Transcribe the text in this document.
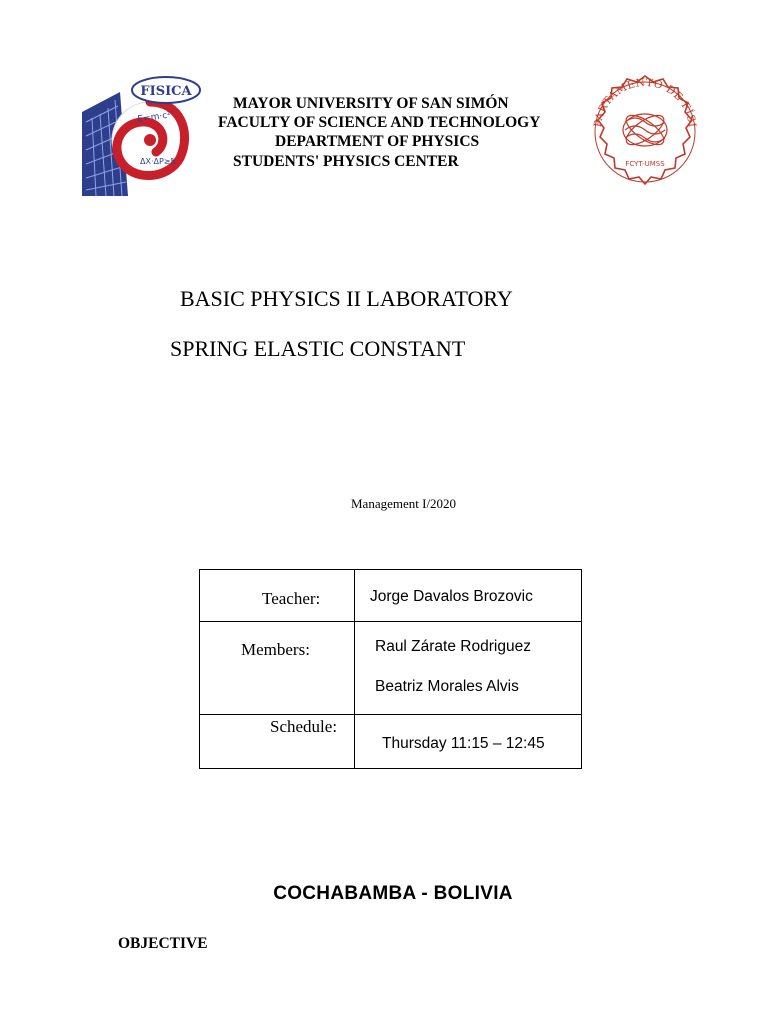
FISICA
E=m·c²
ΔX·ΔP≥ħ
MAYOR UNIVERSITY OF SAN SIMÓN
FACULTY OF SCIENCE AND TECHNOLOGY
DEPARTMENT OF PHYSICS
STUDENTS' PHYSICS CENTER
PARTAMENTO DE FÍSI
FCYT-UMSS
BASIC PHYSICS II LABORATORY
SPRING ELASTIC CONSTANT
Management I/2020
Teacher:	Jorge Davalos Brozovic
Members:	Raul Zárate Rodriguez
Beatriz Morales Alvis
Schedule:
Thursday 11:15 – 12:45
COCHABAMBA - BOLIVIA
OBJECTIVE
